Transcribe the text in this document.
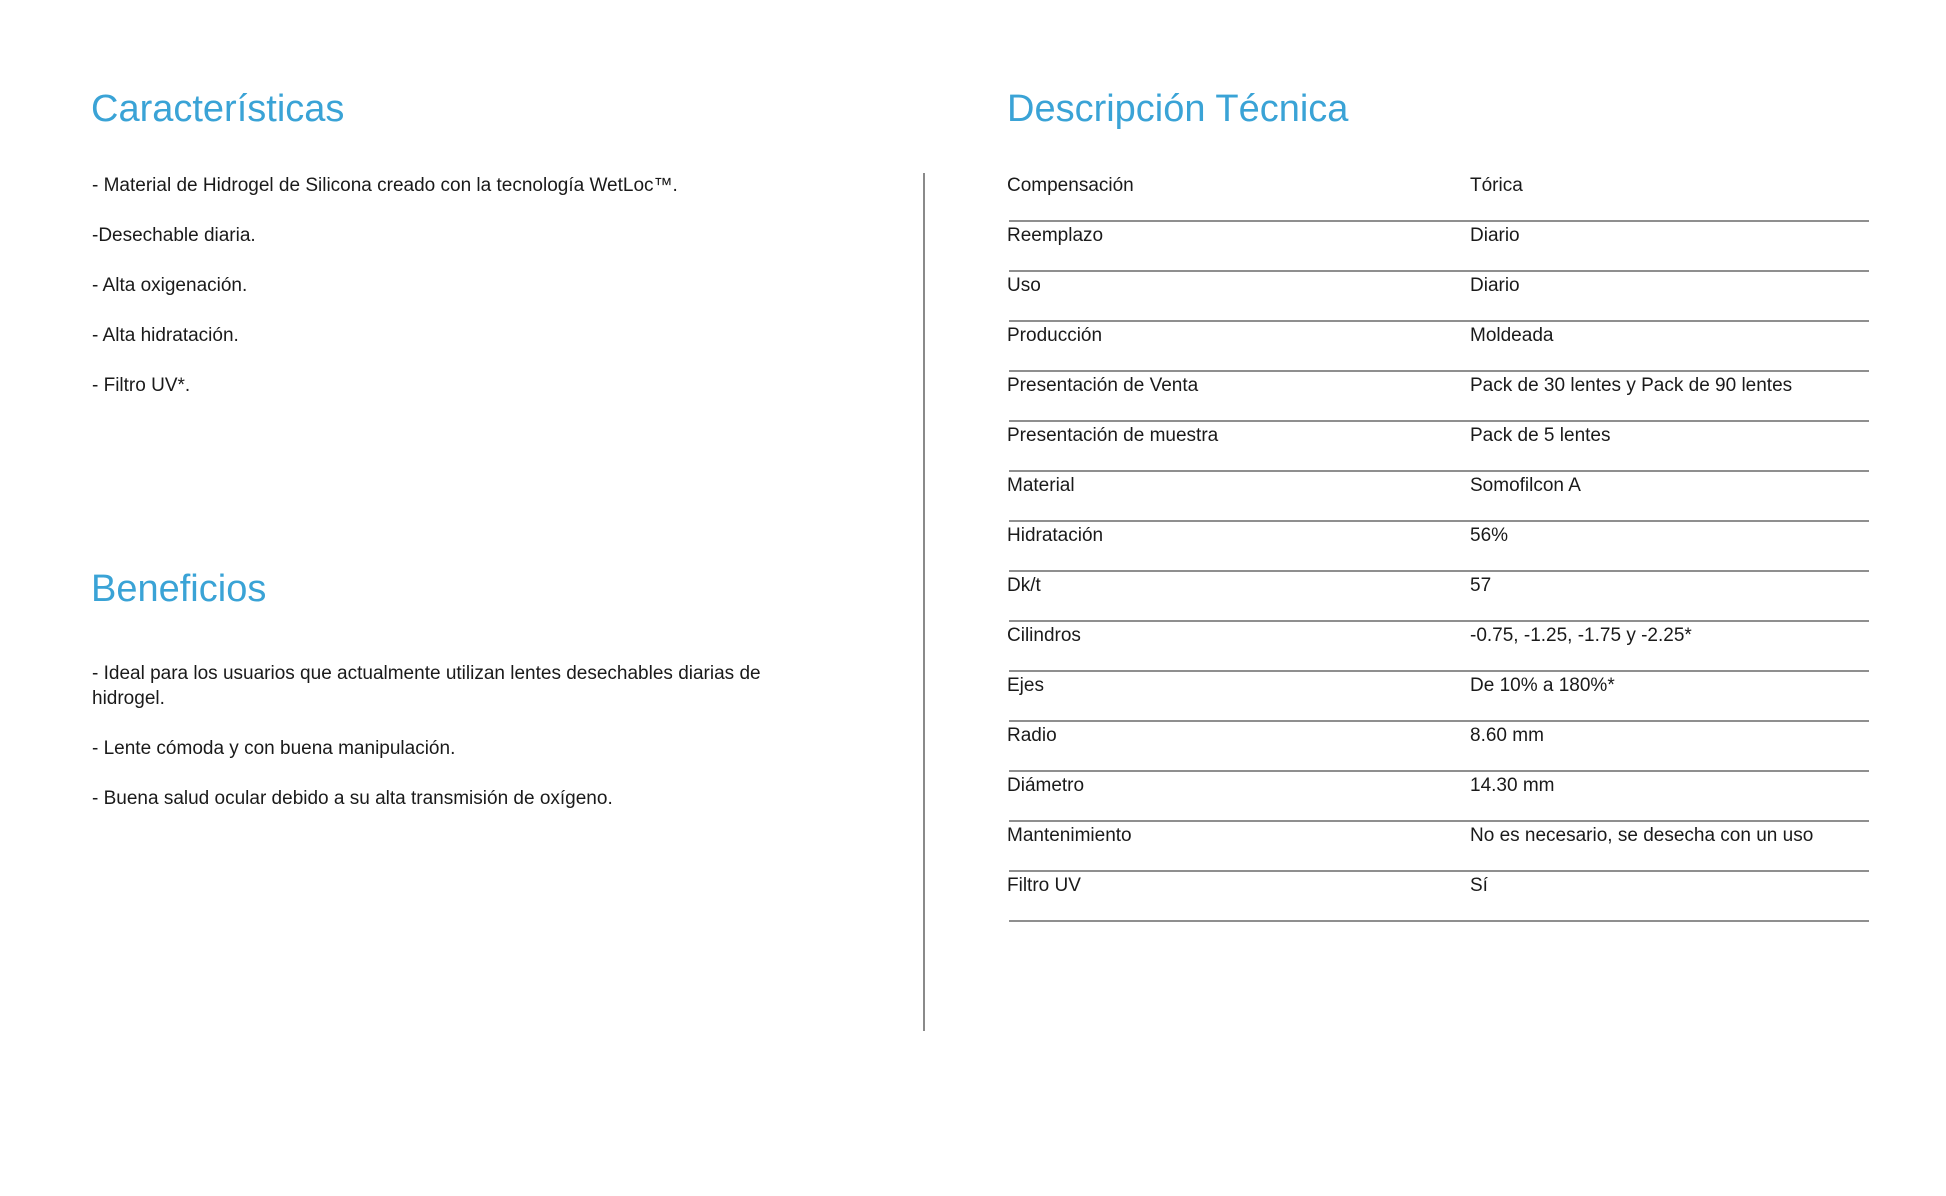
Características
- Material de Hidrogel de Silicona creado con la tecnología WetLoc™.
-Desechable diaria.
- Alta oxigenación.
- Alta hidratación.
- Filtro UV*.
Beneficios
- Ideal para los usuarios que actualmente utilizan lentes desechables diarias de hidrogel.
- Lente cómoda y con buena manipulación.
- Buena salud ocular debido a su alta transmisión de oxígeno.
Descripción Técnica
Compensación	Tórica
Reemplazo	Diario
Uso	Diario
Producción	Moldeada
Presentación de Venta	Pack de 30 lentes y Pack de 90 lentes
Presentación de muestra	Pack de 5 lentes
Material	Somofilcon A
Hidratación	56%
Dk/t	57
Cilindros	-0.75, -1.25, -1.75 y -2.25*
Ejes	De 10% a 180%*
Radio	8.60 mm
Diámetro	14.30 mm
Mantenimiento	No es necesario, se desecha con un uso
Filtro UV	Sí
